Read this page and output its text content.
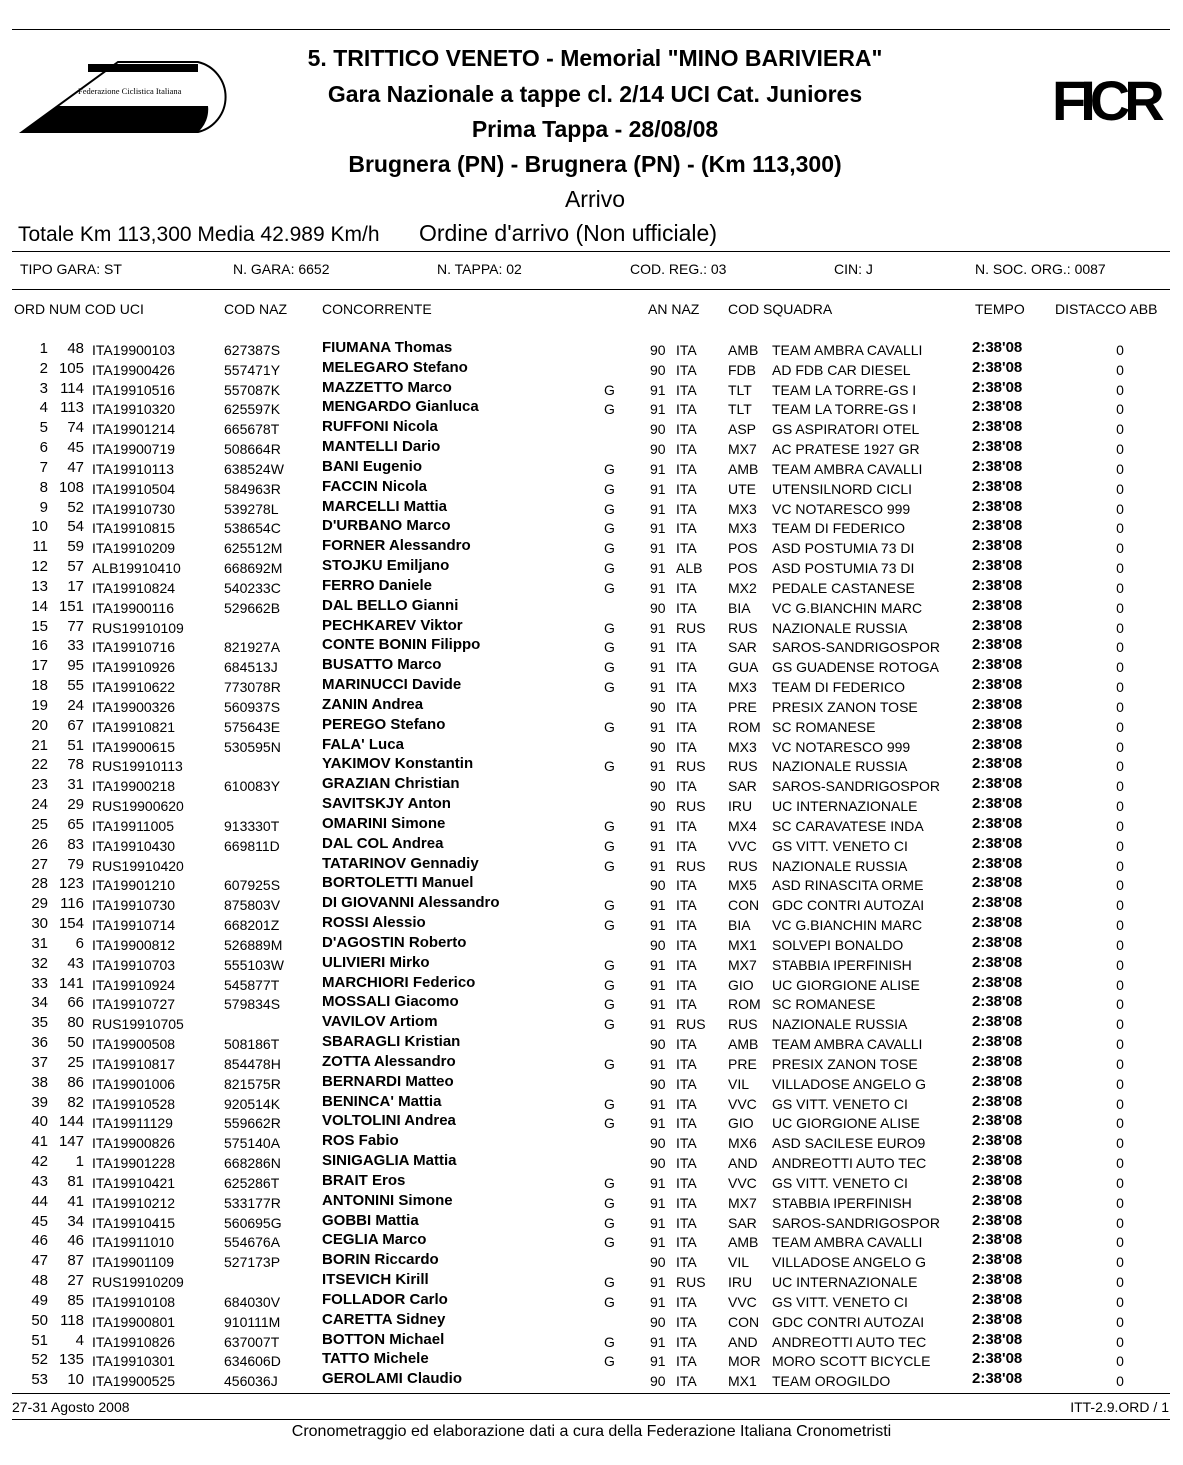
Federazione Ciclistica Italiana	FICR
5. TRITTICO VENETO - Memorial "MINO BARIVIERA"
Gara Nazionale a tappe cl. 2/14 UCI Cat. Juniores
Prima Tappa - 28/08/08
Brugnera (PN) - Brugnera (PN) - (Km 113,300)
Arrivo
Totale Km 113,300 Media 42.989 Km/h Ordine d'arrivo (Non ufficiale)
TIPO GARA: ST	N. GARA: 6652	N. TAPPA: 02	COD. REG.: 03	CIN: J	N. SOC. ORG.: 0087
ORD NUM COD UCI	COD NAZ	CONCORRENTE	AN NAZ COD SQUADRA	TEMPO DISTACCO ABB
1	48 ITA19900103	627387S	FIUMANA Thomas	90 ITA AMB TEAM AMBRA CAVALLI	2:38'08	0
2 105 ITA19900426	557471Y	MELEGARO Stefano	90 ITA FDB AD FDB CAR DIESEL	2:38'08	0
3 114 ITA19910516	557087K	MAZZETTO Marco	G	91 ITA TLT TEAM LA TORRE-GS I	2:38'08	0
4 113 ITA19910320	625597K	MENGARDO Gianluca	G	91 ITA TLT TEAM LA TORRE-GS I	2:38'08	0
5	74 ITA19901214	665678T	RUFFONI Nicola	90 ITA ASP GS ASPIRATORI OTEL	2:38'08	0
6	45 ITA19900719	508664R	MANTELLI Dario	90 ITA MX7 AC PRATESE 1927 GR	2:38'08	0
7	47 ITA19910113	638524W	BANI Eugenio	G	91 ITA AMB TEAM AMBRA CAVALLI	2:38'08	0
8 108 ITA19910504	584963R	FACCIN Nicola	G	91 ITA UTE UTENSILNORD CICLI	2:38'08	0
9	52 ITA19910730	539278L	MARCELLI Mattia	G	91 ITA MX3 VC NOTARESCO 999	2:38'08	0
10	54 ITA19910815	538654C	D'URBANO Marco	G	91 ITA MX3 TEAM DI FEDERICO	2:38'08	0
11	59 ITA19910209	625512M	FORNER Alessandro	G	91 ITA POS ASD POSTUMIA 73 DI	2:38'08	0
12	57 ALB19910410	668692M	STOJKU Emiljano	G	91 ALB POS ASD POSTUMIA 73 DI	2:38'08	0
13	17 ITA19910824	540233C	FERRO Daniele	G	91 ITA MX2 PEDALE CASTANESE	2:38'08	0
14 151 ITA19900116	529662B	DAL BELLO Gianni	90 ITA BIA VC G.BIANCHIN MARC	2:38'08	0
15	77 RUS19910109	PECHKAREV Viktor	G	91 RUS RUS NAZIONALE RUSSIA	2:38'08	0
16	33 ITA19910716	821927A	CONTE BONIN Filippo	G	91 ITA SAR SAROS-SANDRIGOSPOR 2:38'08	0
17	95 ITA19910926	684513J	BUSATTO Marco	G	91 ITA GUA GS GUADENSE ROTOGA 2:38'08	0
18	55 ITA19910622	773078R	MARINUCCI Davide	G	91 ITA MX3 TEAM DI FEDERICO	2:38'08	0
19	24 ITA19900326	560937S	ZANIN Andrea	90 ITA PRE PRESIX ZANON TOSE	2:38'08	0
20	67 ITA19910821	575643E	PEREGO Stefano	G	91 ITA ROM SC ROMANESE	2:38'08	0
21	51 ITA19900615	530595N	FALA' Luca	90 ITA MX3 VC NOTARESCO 999	2:38'08	0
22	78 RUS19910113	YAKIMOV Konstantin	G	91 RUS RUS NAZIONALE RUSSIA	2:38'08	0
23	31 ITA19900218	610083Y	GRAZIAN Christian	90 ITA SAR SAROS-SANDRIGOSPOR 2:38'08	0
24	29 RUS19900620	SAVITSKJY Anton	90 RUS IRU UC INTERNAZIONALE	2:38'08	0
25	65 ITA19911005	913330T	OMARINI Simone	G	91 ITA MX4 SC CARAVATESE INDA	2:38'08	0
26	83 ITA19910430	669811D	DAL COL Andrea	G	91 ITA VVC GS VITT. VENETO CI	2:38'08	0
27	79 RUS19910420	TATARINOV Gennadiy	G	91 RUS RUS NAZIONALE RUSSIA	2:38'08	0
28 123 ITA19901210	607925S	BORTOLETTI Manuel	90 ITA MX5 ASD RINASCITA ORME	2:38'08	0
29 116 ITA19910730	875803V	DI GIOVANNI Alessandro	G	91 ITA CON GDC CONTRI AUTOZAI	2:38'08	0
30 154 ITA19910714	668201Z	ROSSI Alessio	G	91 ITA BIA VC G.BIANCHIN MARC	2:38'08	0
31	6 ITA19900812	526889M	D'AGOSTIN Roberto	90 ITA MX1 SOLVEPI BONALDO	2:38'08	0
32	43 ITA19910703	555103W	ULIVIERI Mirko	G	91 ITA MX7 STABBIA IPERFINISH	2:38'08	0
33 141 ITA19910924	545877T	MARCHIORI Federico	G	91 ITA GIO UC GIORGIONE ALISE	2:38'08	0
34	66 ITA19910727	579834S	MOSSALI Giacomo	G	91 ITA ROM SC ROMANESE	2:38'08	0
35	80 RUS19910705	VAVILOV Artiom	G	91 RUS RUS NAZIONALE RUSSIA	2:38'08	0
36	50 ITA19900508	508186T	SBARAGLI Kristian	90 ITA AMB TEAM AMBRA CAVALLI	2:38'08	0
37	25 ITA19910817	854478H	ZOTTA Alessandro	G	91 ITA PRE PRESIX ZANON TOSE	2:38'08	0
38	86 ITA19901006	821575R	BERNARDI Matteo	90 ITA VIL VILLADOSE ANGELO G	2:38'08	0
39	82 ITA19910528	920514K	BENINCA' Mattia	G	91 ITA VVC GS VITT. VENETO CI	2:38'08	0
40 144 ITA19911129	559662R	VOLTOLINI Andrea	G	91 ITA GIO UC GIORGIONE ALISE	2:38'08	0
41 147 ITA19900826	575140A	ROS Fabio	90 ITA MX6 ASD SACILESE EURO9	2:38'08	0
42	1 ITA19901228	668286N	SINIGAGLIA Mattia	90 ITA AND ANDREOTTI AUTO TEC	2:38'08	0
43	81 ITA19910421	625286T	BRAIT Eros	G	91 ITA VVC GS VITT. VENETO CI	2:38'08	0
44	41 ITA19910212	533177R	ANTONINI Simone	G	91 ITA MX7 STABBIA IPERFINISH	2:38'08	0
45	34 ITA19910415	560695G	GOBBI Mattia	G	91 ITA SAR SAROS-SANDRIGOSPOR 2:38'08	0
46	46 ITA19911010	554676A	CEGLIA Marco	G	91 ITA AMB TEAM AMBRA CAVALLI	2:38'08	0
47	87 ITA19901109	527173P	BORIN Riccardo	90 ITA VIL VILLADOSE ANGELO G	2:38'08	0
48	27 RUS19910209	ITSEVICH Kirill	G	91 RUS IRU UC INTERNAZIONALE	2:38'08	0
49	85 ITA19910108	684030V	FOLLADOR Carlo	G	91 ITA VVC GS VITT. VENETO CI	2:38'08	0
50 118 ITA19900801	910111M	CARETTA Sidney	90 ITA CON GDC CONTRI AUTOZAI	2:38'08	0
51	4 ITA19910826	637007T	BOTTON Michael	G	91 ITA AND ANDREOTTI AUTO TEC	2:38'08	0
52 135 ITA19910301	634606D	TATTO Michele	G	91 ITA MOR MORO SCOTT BICYCLE	2:38'08	0
53	10 ITA19900525	456036J	GEROLAMI Claudio	90 ITA MX1 TEAM OROGILDO	2:38'08	0
27-31 Agosto 2008	ITT-2.9.ORD / 1
Cronometraggio ed elaborazione dati a cura della Federazione Italiana Cronometristi
